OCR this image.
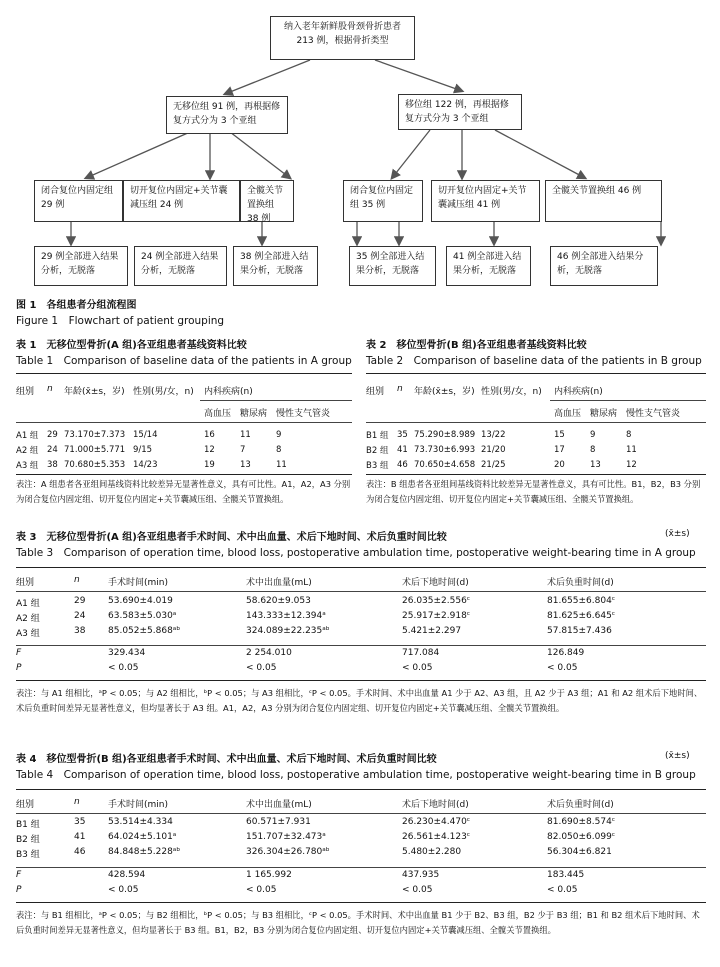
纳入老年新鲜股骨颈骨折患者 213 例，根据骨折类型
无移位组 91 例，再根据修复方式分为 3 个亚组
移位组 122 例，再根据修复方式分为 3 个亚组
闭合复位内固定组 29 例
切开复位内固定+关节囊减压组 24 例
全髋关节置换组 38 例
闭合复位内固定组 35 例
切开复位内固定+关节囊减压组 41 例
全髋关节置换组 46 例
29 例全部进入结果分析，无脱落
24 例全部进入结果分析，无脱落
38 例全部进入结果分析，无脱落
35 例全部进入结果分析，无脱落
41 例全部进入结果分析，无脱落
46 例全部进入结果分析，无脱落
图 1　各组患者分组流程图
Figure 1　Flowchart of patient grouping
表 1　无移位型骨折(A 组)各亚组患者基线资料比较
Table 1　Comparison of baseline data of the patients in A group
组别 n 年龄(x̄±s，岁) 性别(男/女，n) 内科疾病(n)
高血压 糖尿病 慢性支气管炎
A1 组	29	73.170±7.373	15/14	16	11	9
A2 组	24	71.000±5.771	9/15	12	7	8
A3 组	38	70.680±5.353	14/23	19	13	11
表注：A 组患者各亚组间基线资料比较差异无显著性意义，具有可比性。A1，A2，A3 分别为闭合复位内固定组、切开复位内固定+关节囊减压组、全髋关节置换组。
表 2　移位型骨折(B 组)各亚组患者基线资料比较
Table 2　Comparison of baseline data of the patients in B group
组别 n 年龄(x̄±s，岁) 性别(男/女，n) 内科疾病(n)
高血压 糖尿病 慢性支气管炎
B1 组	35	75.290±8.989	13/22	15	9	8
B2 组	41	73.730±6.993	21/20	17	8	11
B3 组	46	70.650±4.658	21/25	20	13	12
表注：B 组患者各亚组间基线资料比较差异无显著性意义，具有可比性。B1，B2，B3 分别为闭合复位内固定组、切开复位内固定+关节囊减压组、全髋关节置换组。
表 3　无移位型骨折(A 组)各亚组患者手术时间、术中出血量、术后下地时间、术后负重时间比较	(x̄±s)
Table 3　Comparison of operation time, blood loss, postoperative ambulation time, postoperative weight-bearing time in A group
组别	n	手术时间(min)	术中出血量(mL)	术后下地时间(d)	术后负重时间(d)
A1 组	29	53.690±4.019	58.620±9.053	26.035±2.556ᶜ	81.655±6.804ᶜ
A2 组	24	63.583±5.030ᵃ	143.333±12.394ᵃ	25.917±2.918ᶜ	81.625±6.645ᶜ
A3 组	38	85.052±5.868ᵃᵇ	324.089±22.235ᵃᵇ	5.421±2.297	57.815±7.436
F	329.434	2 254.010	717.084	126.849
P	< 0.05	< 0.05	< 0.05	< 0.05
表注：与 A1 组相比，ᵃP < 0.05；与 A2 组相比，ᵇP < 0.05；与 A3 组相比，ᶜP < 0.05。手术时间、术中出血量 A1 少于 A2、A3 组，且 A2 少于 A3 组；A1 和 A2 组术后下地时间、术后负重时间差异无显著性意义，但均显著长于 A3 组。A1，A2，A3 分别为闭合复位内固定组、切开复位内固定+关节囊减压组、全髋关节置换组。
表 4　移位型骨折(B 组)各亚组患者手术时间、术中出血量、术后下地时间、术后负重时间比较	(x̄±s)
Table 4　Comparison of operation time, blood loss, postoperative ambulation time, postoperative weight-bearing time in B group
组别	n	手术时间(min)	术中出血量(mL)	术后下地时间(d)	术后负重时间(d)
B1 组	35	53.514±4.334	60.571±7.931	26.230±4.470ᶜ	81.690±8.574ᶜ
B2 组	41	64.024±5.101ᵃ	151.707±32.473ᵃ	26.561±4.123ᶜ	82.050±6.099ᶜ
B3 组	46	84.848±5.228ᵃᵇ	326.304±26.780ᵃᵇ	5.480±2.280	56.304±6.821
F	428.594	1 165.992	437.935	183.445
P	< 0.05	< 0.05	< 0.05	< 0.05
表注：与 B1 组相比，ᵃP < 0.05；与 B2 组相比，ᵇP < 0.05；与 B3 组相比，ᶜP < 0.05。手术时间、术中出血量 B1 少于 B2、B3 组，B2 少于 B3 组；B1 和 B2 组术后下地时间、术后负重时间差异无显著性意义，但均显著长于 B3 组。B1，B2，B3 分别为闭合复位内固定组、切开复位内固定+关节囊减压组、全髋关节置换组。
